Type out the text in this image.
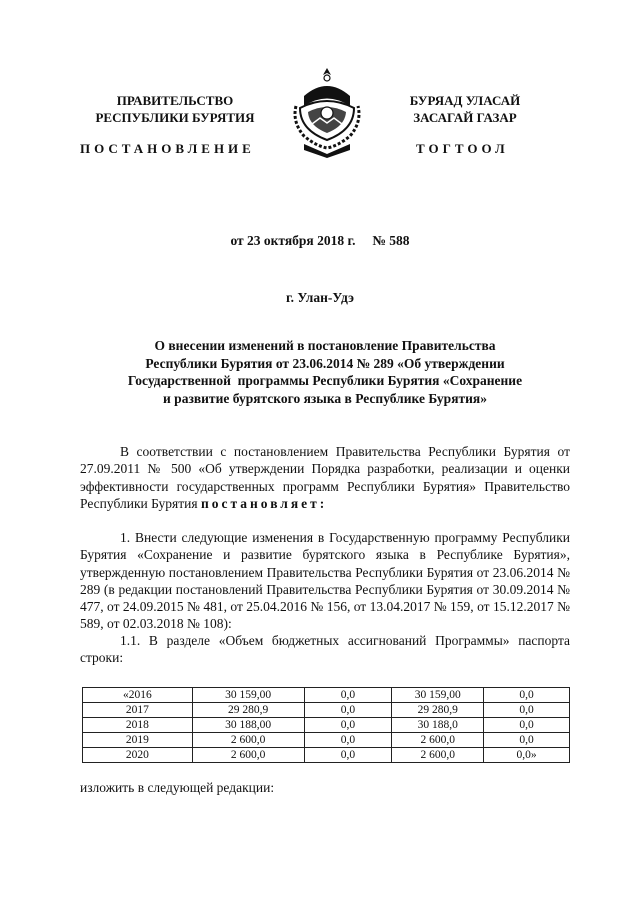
ПРАВИТЕЛЬСТВО
РЕСПУБЛИКИ БУРЯТИЯ
БУРЯАД УЛАСАЙ
ЗАСАГАЙ ГАЗАР
ПОСТАНОВЛЕНИЕ	ТОГТООЛ
от 23 октября 2018 г.     № 588
г. Улан-Удэ
О внесении изменений в постановление Правительства
Республики Бурятия от 23.06.2014 № 289 «Об утверждении
Государственной  программы Республики Бурятия «Сохранение
и развитие бурятского языка в Республике Бурятия»
В соответствии с постановлением Правительства Республики Бурятия от 27.09.2011 № 500 «Об утверждении Порядка разработки, реализации и оценки эффективности государственных программ Республики Бурятия» Правительство Республики Бурятия постановляет:
1. Внести следующие изменения в Государственную программу Республики Бурятия «Сохранение и развитие бурятского языка в Республике Бурятия», утвержденную постановлением Правительства Республики Бурятия от 23.06.2014 № 289 (в редакции постановлений Правительства Республики Бурятия от 30.09.2014 № 477, от 24.09.2015 № 481, от 25.04.2016 № 156, от 13.04.2017 № 159, от 15.12.2017 № 589, от 02.03.2018 № 108):
1.1. В разделе «Объем бюджетных ассигнований Программы» паспорта строки:
«2016	30 159,00	0,0	30 159,00	0,0
2017	29 280,9	0,0	29 280,9	0,0
2018	30 188,00	0,0	30 188,0	0,0
2019	2 600,0	0,0	2 600,0	0,0
2020	2 600,0	0,0	2 600,0	0,0»
изложить в следующей редакции:
